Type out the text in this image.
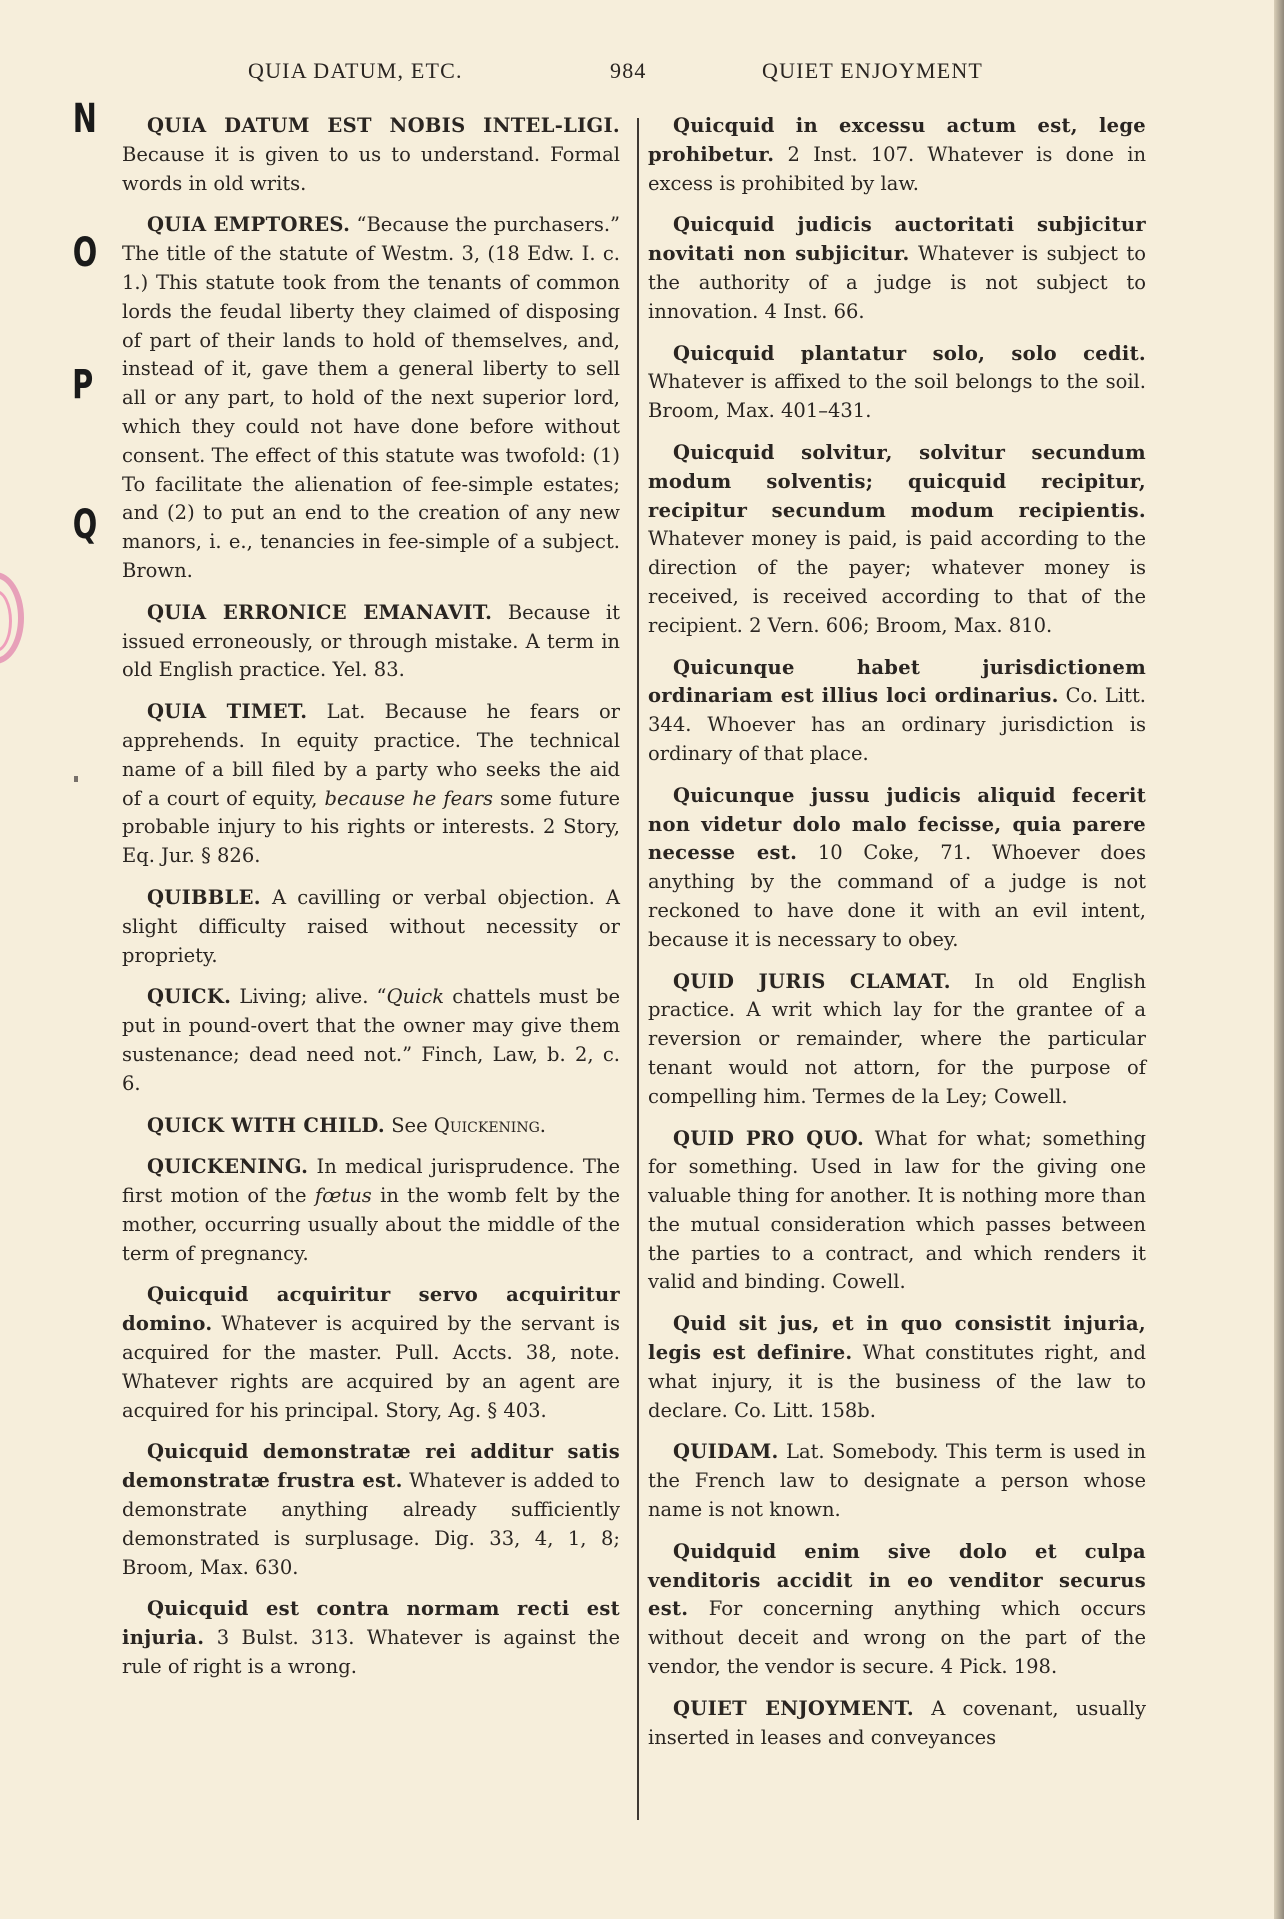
QUIA DATUM, ETC.	984	QUIET ENJOYMENT
N
O
P
Q

QUIA DATUM EST NOBIS INTEL-LIGI. Because it is given to us to understand. Formal words in old writs.

QUIA EMPTORES. “Because the purchasers.” The title of the statute of Westm. 3, (18 Edw. I. c. 1.) This statute took from the tenants of common lords the feudal liberty they claimed of disposing of part of their lands to hold of themselves, and, instead of it, gave them a general liberty to sell all or any part, to hold of the next superior lord, which they could not have done before without consent. The effect of this statute was twofold: (1) To facilitate the alienation of fee-simple estates; and (2) to put an end to the creation of any new manors, i. e., tenancies in fee-simple of a subject. Brown.

QUIA ERRONICE EMANAVIT. Because it issued erroneously, or through mistake. A term in old English practice. Yel. 83.

QUIA TIMET. Lat. Because he fears or apprehends. In equity practice. The technical name of a bill filed by a party who seeks the aid of a court of equity, because he fears some future probable injury to his rights or interests. 2 Story, Eq. Jur. § 826.

QUIBBLE. A cavilling or verbal objection. A slight difficulty raised without necessity or propriety.

QUICK. Living; alive. “Quick chattels must be put in pound-overt that the owner may give them sustenance; dead need not.” Finch, Law, b. 2, c. 6.

QUICK WITH CHILD. See Quickening.

QUICKENING. In medical jurisprudence. The first motion of the fœtus in the womb felt by the mother, occurring usually about the middle of the term of pregnancy.

Quicquid acquiritur servo acquiritur domino. Whatever is acquired by the servant is acquired for the master. Pull. Accts. 38, note. Whatever rights are acquired by an agent are acquired for his principal. Story, Ag. § 403.

Quicquid demonstratæ rei additur satis demonstratæ frustra est. Whatever is added to demonstrate anything already sufficiently demonstrated is surplusage. Dig. 33, 4, 1, 8; Broom, Max. 630.

Quicquid est contra normam recti est injuria. 3 Bulst. 313. Whatever is against the rule of right is a wrong.

Quicquid in excessu actum est, lege prohibetur. 2 Inst. 107. Whatever is done in excess is prohibited by law.

Quicquid judicis auctoritati subjicitur novitati non subjicitur. Whatever is subject to the authority of a judge is not subject to innovation. 4 Inst. 66.

Quicquid plantatur solo, solo cedit. Whatever is affixed to the soil belongs to the soil. Broom, Max. 401–431.

Quicquid solvitur, solvitur secundum modum solventis; quicquid recipitur, recipitur secundum modum recipientis. Whatever money is paid, is paid according to the direction of the payer; whatever money is received, is received according to that of the recipient. 2 Vern. 606; Broom, Max. 810.

Quicunque habet jurisdictionem ordinariam est illius loci ordinarius. Co. Litt. 344. Whoever has an ordinary jurisdiction is ordinary of that place.

Quicunque jussu judicis aliquid fecerit non videtur dolo malo fecisse, quia parere necesse est. 10 Coke, 71. Whoever does anything by the command of a judge is not reckoned to have done it with an evil intent, because it is necessary to obey.

QUID JURIS CLAMAT. In old English practice. A writ which lay for the grantee of a reversion or remainder, where the particular tenant would not attorn, for the purpose of compelling him. Termes de la Ley; Cowell.

QUID PRO QUO. What for what; something for something. Used in law for the giving one valuable thing for another. It is nothing more than the mutual consideration which passes between the parties to a contract, and which renders it valid and binding. Cowell.

Quid sit jus, et in quo consistit injuria, legis est definire. What constitutes right, and what injury, it is the business of the law to declare. Co. Litt. 158b.

QUIDAM. Lat. Somebody. This term is used in the French law to designate a person whose name is not known.

Quidquid enim sive dolo et culpa venditoris accidit in eo venditor securus est. For concerning anything which occurs without deceit and wrong on the part of the vendor, the vendor is secure. 4 Pick. 198.

QUIET ENJOYMENT. A covenant, usually inserted in leases and conveyances
